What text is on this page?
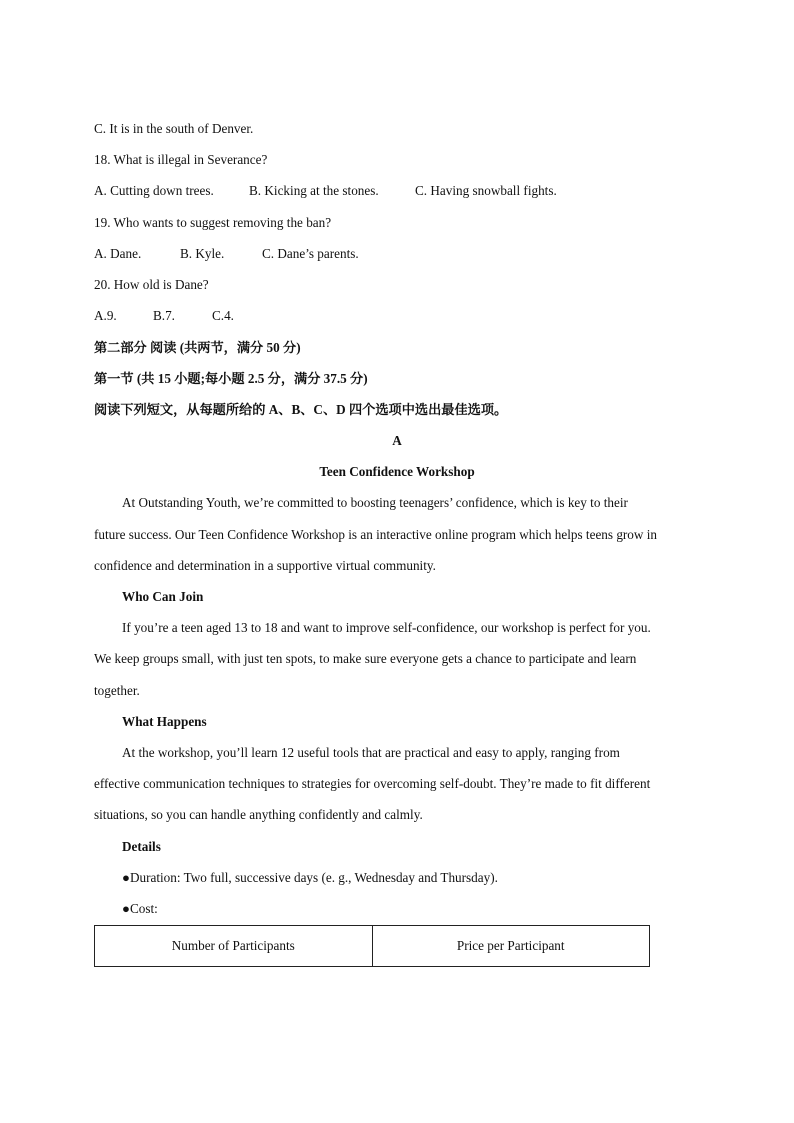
C. It is in the south of Denver.
18. What is illegal in Severance?
A. Cutting down trees.	B. Kicking at the stones.	C. Having snowball fights.
19. Who wants to suggest removing the ban?
A. Dane.	B. Kyle.	C. Dane’s parents.
20. How old is Dane?
A.9.	B.7.	C.4.
第二部分 阅读 (共两节，满分 50 分)
第一节 (共 15 小题;每小题 2.5 分，满分 37.5 分)
阅读下列短文，从每题所给的 A、B、C、D 四个选项中选出最佳选项。
A
Teen Confidence Workshop
At Outstanding Youth, we’re committed to boosting teenagers’ confidence, which is key to their
future success. Our Teen Confidence Workshop is an interactive online program which helps teens grow in
confidence and determination in a supportive virtual community.
Who Can Join
If you’re a teen aged 13 to 18 and want to improve self-confidence, our workshop is perfect for you.
We keep groups small, with just ten spots, to make sure everyone gets a chance to participate and learn
together.
What Happens
At the workshop, you’ll learn 12 useful tools that are practical and easy to apply, ranging from
effective communication techniques to strategies for overcoming self-doubt. They’re made to fit different
situations, so you can handle anything confidently and calmly.
Details
●Duration: Two full, successive days (e. g., Wednesday and Thursday).
●Cost:
Number of Participants	Price per Participant
